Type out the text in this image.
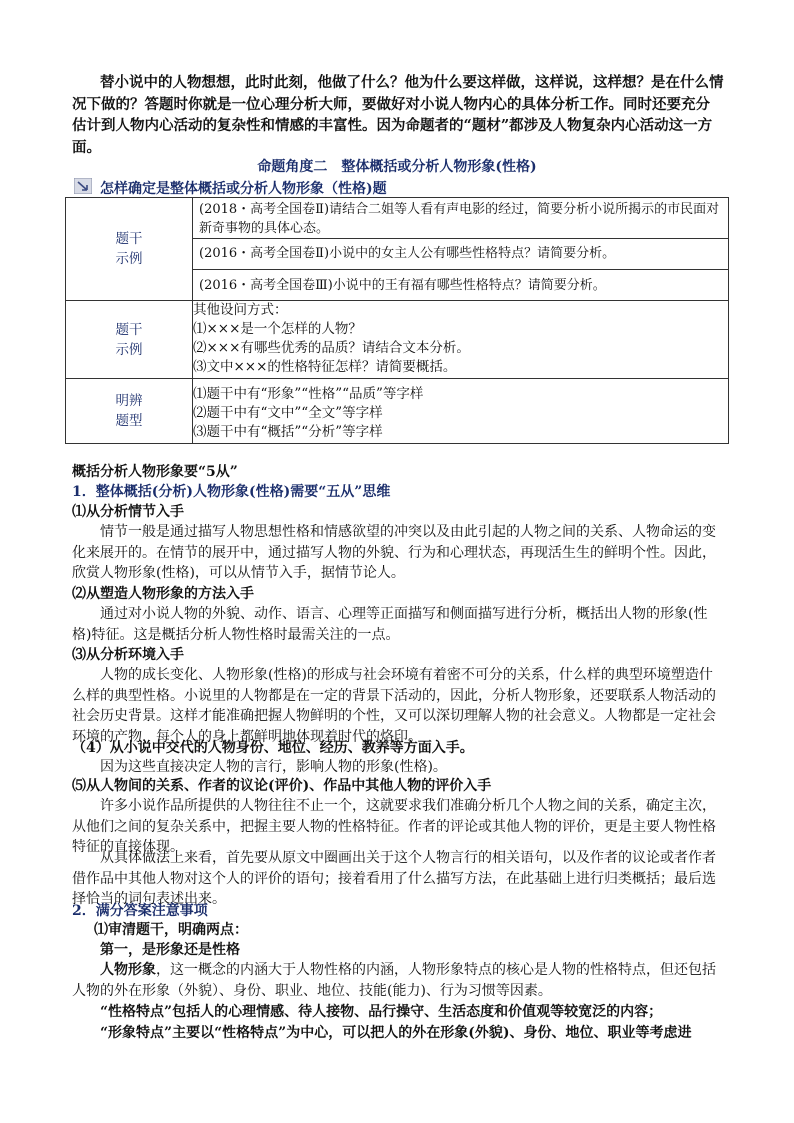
替小说中的人物想想，此时此刻，他做了什么？他为什么要这样做，这样说，这样想？是在什么情况下做的？答题时你就是一位心理分析大师，要做好对小说人物内心的具体分析工作。同时还要充分估计到人物内心活动的复杂性和情感的丰富性。因为命题者的“题材”都涉及人物复杂内心活动这一方面。

命题角度二　整体概括或分析人物形象(性格)

怎样确定是整体概括或分析人物形象（性格)题
题干示例	(2018・高考全国卷Ⅱ)请结合二姐等人看有声电影的经过，简要分析小说所揭示的市民面对新奇事物的具体心态。
(2016・高考全国卷Ⅱ)小说中的女主人公有哪些性格特点？请简要分析。
(2016・高考全国卷Ⅲ)小说中的王有福有哪些性格特点？请简要分析。

题干示例	其他设问方式：
⑴×××是一个怎样的人物？
⑵×××有哪些优秀的品质？请结合文本分析。
⑶文中×××的性格特征怎样？请简要概括。

明辨题型	⑴题干中有“形象”“性格”“品质”等字样
⑵题干中有“文中”“全文”等字样
⑶题干中有“概括”“分析”等字样

概括分析人物形象要“5从”

1．整体概括(分析)人物形象(性格)需要“五从”思维

⑴从分析情节入手

情节一般是通过描写人物思想性格和情感欲望的冲突以及由此引起的人物之间的关系、人物命运的变化来展开的。在情节的展开中，通过描写人物的外貌、行为和心理状态，再现活生生的鲜明个性。因此，欣赏人物形象(性格)，可以从情节入手，据情节论人。

⑵从塑造人物形象的方法入手

通过对小说人物的外貌、动作、语言、心理等正面描写和侧面描写进行分析，概括出人物的形象(性格)特征。这是概括分析人物性格时最需关注的一点。

⑶从分析环境入手

人物的成长变化、人物形象(性格)的形成与社会环境有着密不可分的关系，什么样的典型环境塑造什么样的典型性格。小说里的人物都是在一定的背景下活动的，因此，分析人物形象，还要联系人物活动的社会历史背景。这样才能准确把握人物鲜明的个性，又可以深切理解人物的社会意义。人物都是一定社会环境的产物，每个人的身上都鲜明地体现着时代的烙印。

（4）从小说中交代的人物身份、地位、经历、教养等方面入手。

因为这些直接决定人物的言行，影响人物的形象(性格)。

⑸从人物间的关系、作者的议论(评价)、作品中其他人物的评价入手

许多小说作品所提供的人物往往不止一个，这就要求我们准确分析几个人物之间的关系，确定主次，从他们之间的复杂关系中，把握主要人物的性格特征。作者的评论或其他人物的评价，更是主要人物性格特征的直接体现。

从具体做法上来看，首先要从原文中圈画出关于这个人物言行的相关语句，以及作者的议论或者作者借作品中其他人物对这个人的评价的语句；接着看用了什么描写方法，在此基础上进行归类概括；最后选择恰当的词句表述出来。

2．满分答案注意事项

⑴审清题干，明确两点：

第一，是形象还是性格

人物形象，这一概念的内涵大于人物性格的内涵，人物形象特点的核心是人物的性格特点，但还包括人物的外在形象（外貌）、身份、职业、地位、技能(能力)、行为习惯等因素。

“性格特点”包括人的心理情感、待人接物、品行操守、生活态度和价值观等较宽泛的内容；

“形象特点”主要以“性格特点”为中心，可以把人的外在形象(外貌)、身份、地位、职业等考虑进
